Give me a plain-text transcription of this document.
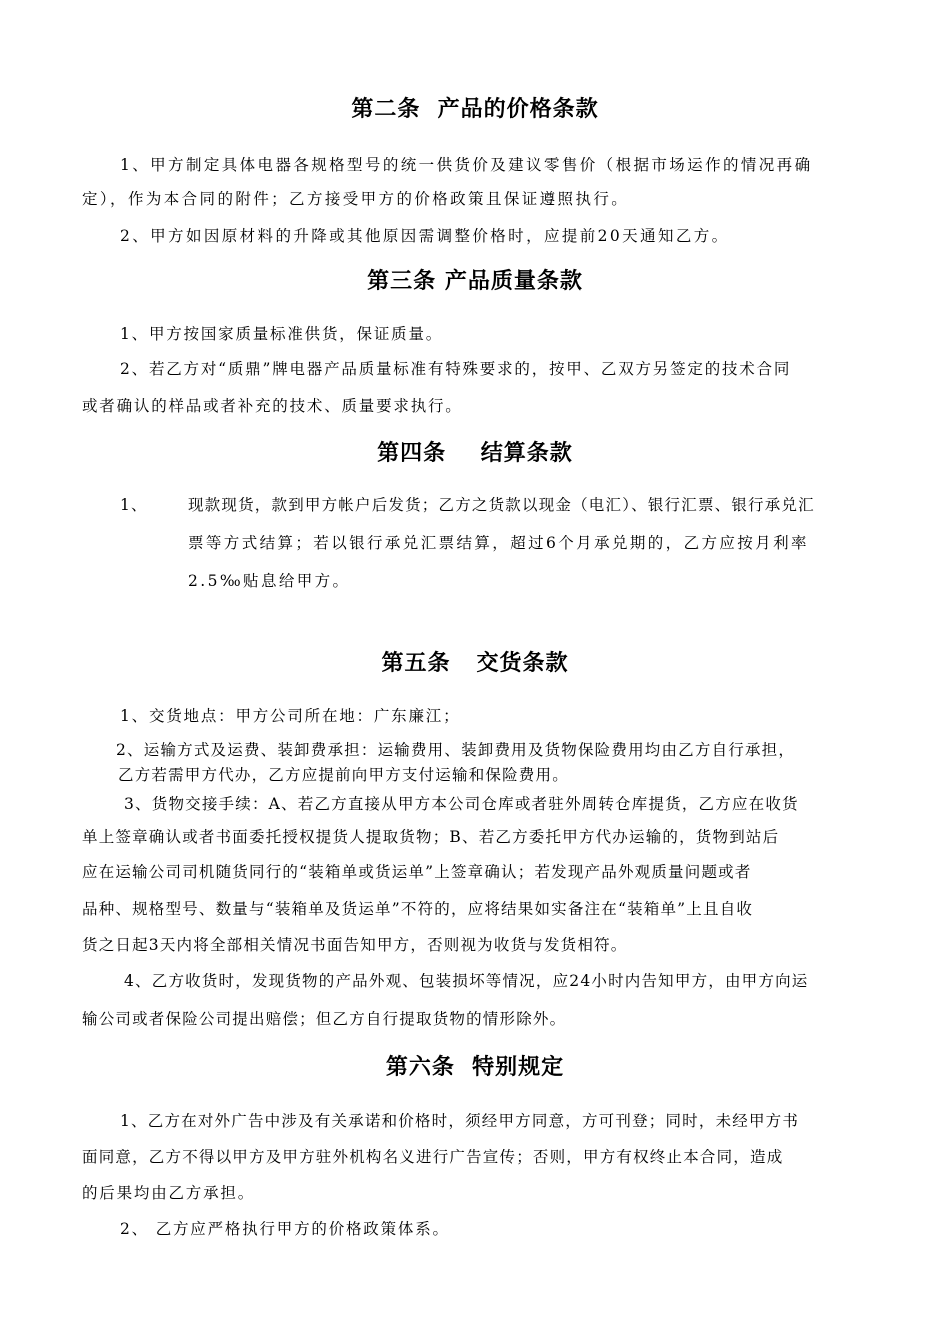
第二条  产品的价格条款
1、甲方制定具体电器各规格型号的统一供货价及建议零售价（根据市场运作的情况再确
定），作为本合同的附件；乙方接受甲方的价格政策且保证遵照执行。
2、甲方如因原材料的升降或其他原因需调整价格时，应提前20天通知乙方。
第三条 产品质量条款
1、甲方按国家质量标准供货，保证质量。
2、若乙方对“质鼎”牌电器产品质量标准有特殊要求的，按甲、乙双方另签定的技术合同
或者确认的样品或者补充的技术、质量要求执行。
第四条    结算条款
1、	现款现货，款到甲方帐户后发货；乙方之货款以现金（电汇）、银行汇票、银行承兑汇
票等方式结算；若以银行承兑汇票结算，超过6个月承兑期的，乙方应按月利率
2.5‰贴息给甲方。
第五条   交货条款
1、交货地点：甲方公司所在地：广东廉江；
2、运输方式及运费、装卸费承担：运输费用、装卸费用及货物保险费用均由乙方自行承担，
乙方若需甲方代办，乙方应提前向甲方支付运输和保险费用。
3、货物交接手续：A、若乙方直接从甲方本公司仓库或者驻外周转仓库提货，乙方应在收货
单上签章确认或者书面委托授权提货人提取货物；B、若乙方委托甲方代办运输的，货物到站后
应在运输公司司机随货同行的“装箱单或货运单”上签章确认；若发现产品外观质量问题或者
品种、规格型号、数量与“装箱单及货运单”不符的，应将结果如实备注在“装箱单”上且自收
货之日起3天内将全部相关情况书面告知甲方，否则视为收货与发货相符。
4、乙方收货时，发现货物的产品外观、包装损坏等情况，应24小时内告知甲方，由甲方向运
输公司或者保险公司提出赔偿；但乙方自行提取货物的情形除外。
第六条  特别规定
1、乙方在对外广告中涉及有关承诺和价格时，须经甲方同意，方可刊登；同时，未经甲方书
面同意，乙方不得以甲方及甲方驻外机构名义进行广告宣传；否则，甲方有权终止本合同，造成
的后果均由乙方承担。
2、 乙方应严格执行甲方的价格政策体系。
